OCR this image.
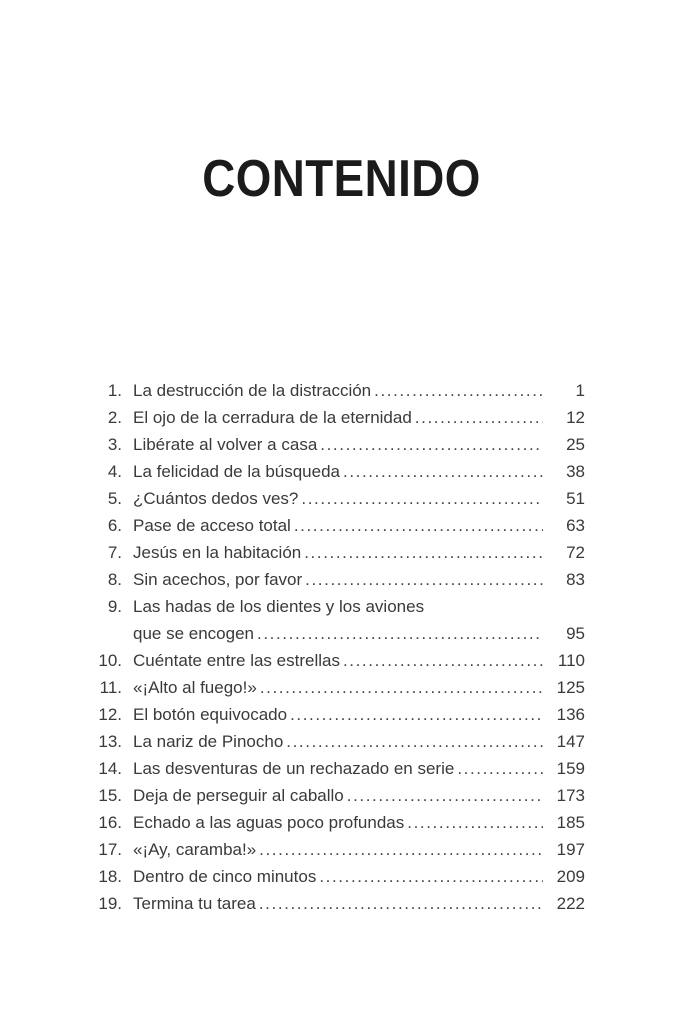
CONTENIDO
1. La destrucción de la distracción .....	1
2. El ojo de la cerradura de la eternidad .....	12
3. Libérate al volver a casa .....	25
4. La felicidad de la búsqueda .....	38
5. ¿Cuántos dedos ves? .....	51
6. Pase de acceso total .....	63
7. Jesús en la habitación .....	72
8. Sin acechos, por favor .....	83
9. Las hadas de los dientes y los aviones
que se encogen .....	95
10. Cuéntate entre las estrellas .....	110
11. «¡Alto al fuego!» .....	125
12. El botón equivocado .....	136
13. La nariz de Pinocho .....	147
14. Las desventuras de un rechazado en serie .....	159
15. Deja de perseguir al caballo .....	173
16. Echado a las aguas poco profundas .....	185
17. «¡Ay, caramba!» .....	197
18. Dentro de cinco minutos .....	209
19. Termina tu tarea .....	222
